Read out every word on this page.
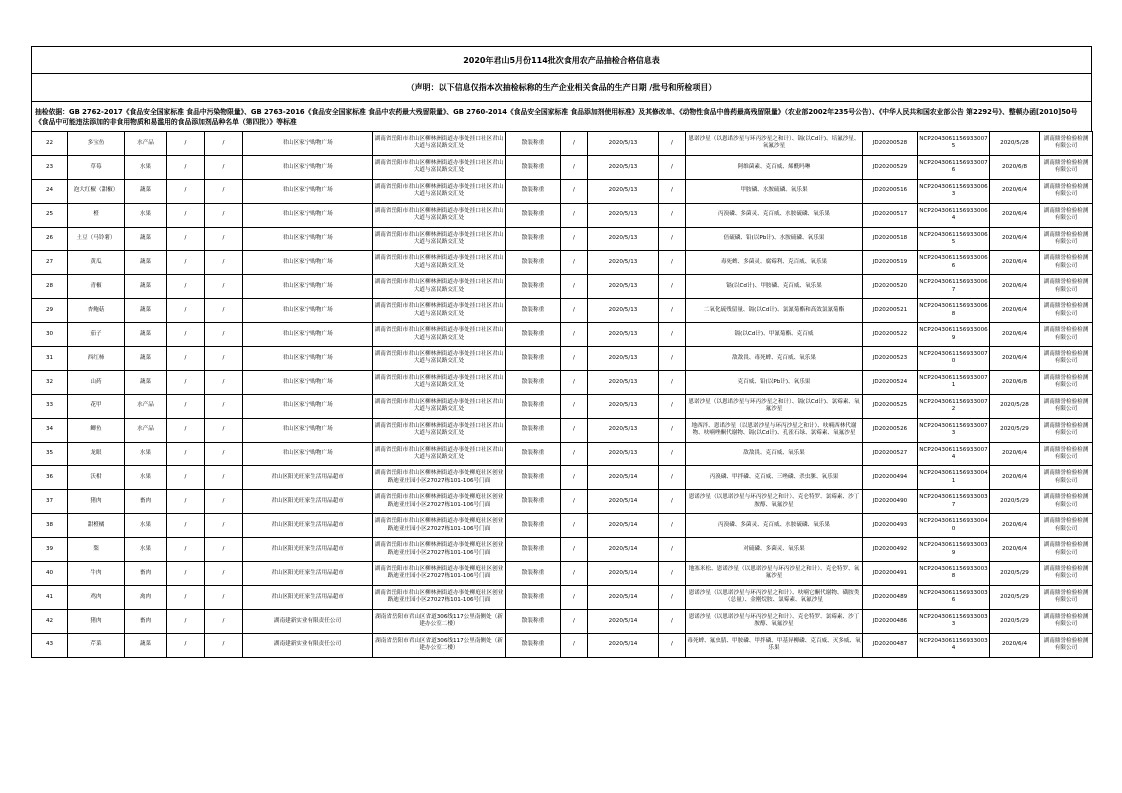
2020年君山5月份114批次食用农产品抽检合格信息表
（声明：以下信息仅指本次抽检标称的生产企业相关食品的生产日期 /批号和所检项目）
抽检依据：GB 2762-2017《食品安全国家标准 食品中污染物限量》、GB 2763-2016《食品安全国家标准 食品中农药最大残留限量》、GB 2760-2014《食品安全国家标准 食品添加剂使用标准》及其修改单、《动物性食品中兽药最高残留限量》（农业部2002年235号公告）、《中华人民共和国农业部公告 第2292号》、整顿办函[2010]50号《食品中可能违法添加的非食用物质和易滥用的食品添加剂品种名单（第四批）》等标准
22	多宝鱼	水产品	/	/	君山区家宁购物广场	湖南省岳阳市君山区柳林洲街道办事处挂口社区君山大道与富民路交汇处	散装称重	/	2020/5/13	/	恩诺沙星（以恩诺沙星与环丙沙星之和计）、镉(以Cd计)、培氟沙星、氧氟沙星	JD20200528	NCP20430611569330075	2020/5/28	湖南鼎誉检验检测有限公司
23	草莓	水果	/	/	君山区家宁购物广场	湖南省岳阳市君山区柳林洲街道办事处挂口社区君山大道与富民路交汇处	散装称重	/	2020/5/13	/	阿维菌素、克百威、烯酰吗啉	JD20200529	NCP20430611569330076	2020/6/8	湖南鼎誉检验检测有限公司
24	泡大红椒（甜椒）	蔬菜	/	/	君山区家宁购物广场	湖南省岳阳市君山区柳林洲街道办事处挂口社区君山大道与富民路交汇处	散装称重	/	2020/5/13	/	甲胺磷、水胺硫磷、氧乐果	JD20200516	NCP20430611569330063	2020/6/4	湖南鼎誉检验检测有限公司
25	橙	水果	/	/	君山区家宁购物广场	湖南省岳阳市君山区柳林洲街道办事处挂口社区君山大道与富民路交汇处	散装称重	/	2020/5/13	/	丙溴磷、多菌灵、克百威、水胺硫磷、氧乐果	JD20200517	NCP20430611569330064	2020/6/4	湖南鼎誉检验检测有限公司
26	土豆（马铃薯）	蔬菜	/	/	君山区家宁购物广场	湖南省岳阳市君山区柳林洲街道办事处挂口社区君山大道与富民路交汇处	散装称重	/	2020/5/13	/	倍硫磷、铅(以Pb计)、水胺硫磷、氧乐果	JD20200518	NCP20430611569330065	2020/6/4	湖南鼎誉检验检测有限公司
27	黄瓜	蔬菜	/	/	君山区家宁购物广场	湖南省岳阳市君山区柳林洲街道办事处挂口社区君山大道与富民路交汇处	散装称重	/	2020/5/13	/	毒死蜱、多菌灵、腐霉利、克百威、氧乐果	JD20200519	NCP20430611569330066	2020/6/4	湖南鼎誉检验检测有限公司
28	青椒	蔬菜	/	/	君山区家宁购物广场	湖南省岳阳市君山区柳林洲街道办事处挂口社区君山大道与富民路交汇处	散装称重	/	2020/5/13	/	镉(以Cd计)、甲胺磷、克百威、氧乐果	JD20200520	NCP20430611569330067	2020/6/4	湖南鼎誉检验检测有限公司
29	杏鲍菇	蔬菜	/	/	君山区家宁购物广场	湖南省岳阳市君山区柳林洲街道办事处挂口社区君山大道与富民路交汇处	散装称重	/	2020/5/13	/	二氧化硫残留量、镉(以Cd计)、氯氰菊酯和高效氯氰菊酯	JD20200521	NCP20430611569330068	2020/6/4	湖南鼎誉检验检测有限公司
30	茄子	蔬菜	/	/	君山区家宁购物广场	湖南省岳阳市君山区柳林洲街道办事处挂口社区君山大道与富民路交汇处	散装称重	/	2020/5/13	/	镉(以Cd计)、甲氰菊酯、克百威	JD20200522	NCP20430611569330069	2020/6/4	湖南鼎誉检验检测有限公司
31	西红柿	蔬菜	/	/	君山区家宁购物广场	湖南省岳阳市君山区柳林洲街道办事处挂口社区君山大道与富民路交汇处	散装称重	/	2020/5/13	/	敌敌畏、毒死蜱、克百威、氧乐果	JD20200523	NCP20430611569330070	2020/6/4	湖南鼎誉检验检测有限公司
32	山药	蔬菜	/	/	君山区家宁购物广场	湖南省岳阳市君山区柳林洲街道办事处挂口社区君山大道与富民路交汇处	散装称重	/	2020/5/13	/	克百威、铅(以Pb计)、氧乐果	JD20200524	NCP20430611569330071	2020/6/8	湖南鼎誉检验检测有限公司
33	花甲	水产品	/	/	君山区家宁购物广场	湖南省岳阳市君山区柳林洲街道办事处挂口社区君山大道与富民路交汇处	散装称重	/	2020/5/13	/	恩诺沙星（以恩诺沙星与环丙沙星之和计）、镉(以Cd计)、氯霉素、氧氟沙星	JD20200525	NCP20430611569330072	2020/5/28	湖南鼎誉检验检测有限公司
34	鲫鱼	水产品	/	/	君山区家宁购物广场	湖南省岳阳市君山区柳林洲街道办事处挂口社区君山大道与富民路交汇处	散装称重	/	2020/5/13	/	地西泮、恩诺沙星（以恩诺沙星与环丙沙星之和计）、呋喃西林代谢物、呋喃唑酮代谢物、镉(以Cd计)、孔雀石绿、氯霉素、氧氟沙星	JD20200526	NCP20430611569330073	2020/5/29	湖南鼎誉检验检测有限公司
35	龙眼	水果	/	/	君山区家宁购物广场	湖南省岳阳市君山区柳林洲街道办事处挂口社区君山大道与富民路交汇处	散装称重	/	2020/5/13	/	敌敌畏、克百威、氧乐果	JD20200527	NCP20430611569330074	2020/6/4	湖南鼎誉检验检测有限公司
36	沃柑	水果	/	/	君山区阳光旺家生活用品超市	湖南省岳阳市君山区柳林洲街道办事处柳庭社区创业路迪亚庄园小区27027栋101-106号门面	散装称重	/	2020/5/14	/	丙溴磷、甲拌磷、克百威、三唑磷、杀虫脒、氧乐果	JD20200494	NCP20430611569330041	2020/6/4	湖南鼎誉检验检测有限公司
37	猪肉	畜肉	/	/	君山区阳光旺家生活用品超市	湖南省岳阳市君山区柳林洲街道办事处柳庭社区创业路迪亚庄园小区27027栋101-106号门面	散装称重	/	2020/5/14	/	恩诺沙星（以恩诺沙星与环丙沙星之和计）、克仑特罗、氯霉素、沙丁胺醇、氧氟沙星	JD20200490	NCP20430611569330037	2020/5/29	湖南鼎誉检验检测有限公司
38	甜橙橘	水果	/	/	君山区阳光旺家生活用品超市	湖南省岳阳市君山区柳林洲街道办事处柳庭社区创业路迪亚庄园小区27027栋101-106号门面	散装称重	/	2020/5/14	/	丙溴磷、多菌灵、克百威、水胺硫磷、氧乐果	JD20200493	NCP20430611569330040	2020/6/4	湖南鼎誉检验检测有限公司
39	梨	水果	/	/	君山区阳光旺家生活用品超市	湖南省岳阳市君山区柳林洲街道办事处柳庭社区创业路迪亚庄园小区27027栋101-106号门面	散装称重	/	2020/5/14	/	对硫磷、多菌灵、氧乐果	JD20200492	NCP20430611569330039	2020/6/4	湖南鼎誉检验检测有限公司
40	牛肉	畜肉	/	/	君山区阳光旺家生活用品超市	湖南省岳阳市君山区柳林洲街道办事处柳庭社区创业路迪亚庄园小区27027栋101-106号门面	散装称重	/	2020/5/14	/	地塞米松、恩诺沙星（以恩诺沙星与环丙沙星之和计）、克仑特罗、氧氟沙星	JD20200491	NCP20430611569330038	2020/5/29	湖南鼎誉检验检测有限公司
41	鸡肉	禽肉	/	/	君山区阳光旺家生活用品超市	湖南省岳阳市君山区柳林洲街道办事处柳庭社区创业路迪亚庄园小区27027栋101-106号门面	散装称重	/	2020/5/14	/	恩诺沙星（以恩诺沙星与环丙沙星之和计）、呋喃它酮代谢物、磺胺类（总量）、金刚烷胺、氯霉素、氧氟沙星	JD20200489	NCP20430611569330036	2020/5/29	湖南鼎誉检验检测有限公司
42	猪肉	畜肉	/	/	湖南建新实业有限责任公司	湖南省岳阳市君山区省道306线117公里南侧处（新建办公室二楼）	散装称重	/	2020/5/14	/	恩诺沙星（以恩诺沙星与环丙沙星之和计）、克仑特罗、氯霉素、沙丁胺醇、氧氟沙星	JD20200486	NCP20430611569330033	2020/5/29	湖南鼎誉检验检测有限公司
43	芹菜	蔬菜	/	/	湖南建新实业有限责任公司	湖南省岳阳市君山区省道306线117公里南侧处（新建办公室二楼）	散装称重	/	2020/5/14	/	毒死蜱、氟虫腈、甲胺磷、甲拌磷、甲基异柳磷、克百威、灭多威、氧乐果	JD20200487	NCP20430611569330034	2020/6/4	湖南鼎誉检验检测有限公司
